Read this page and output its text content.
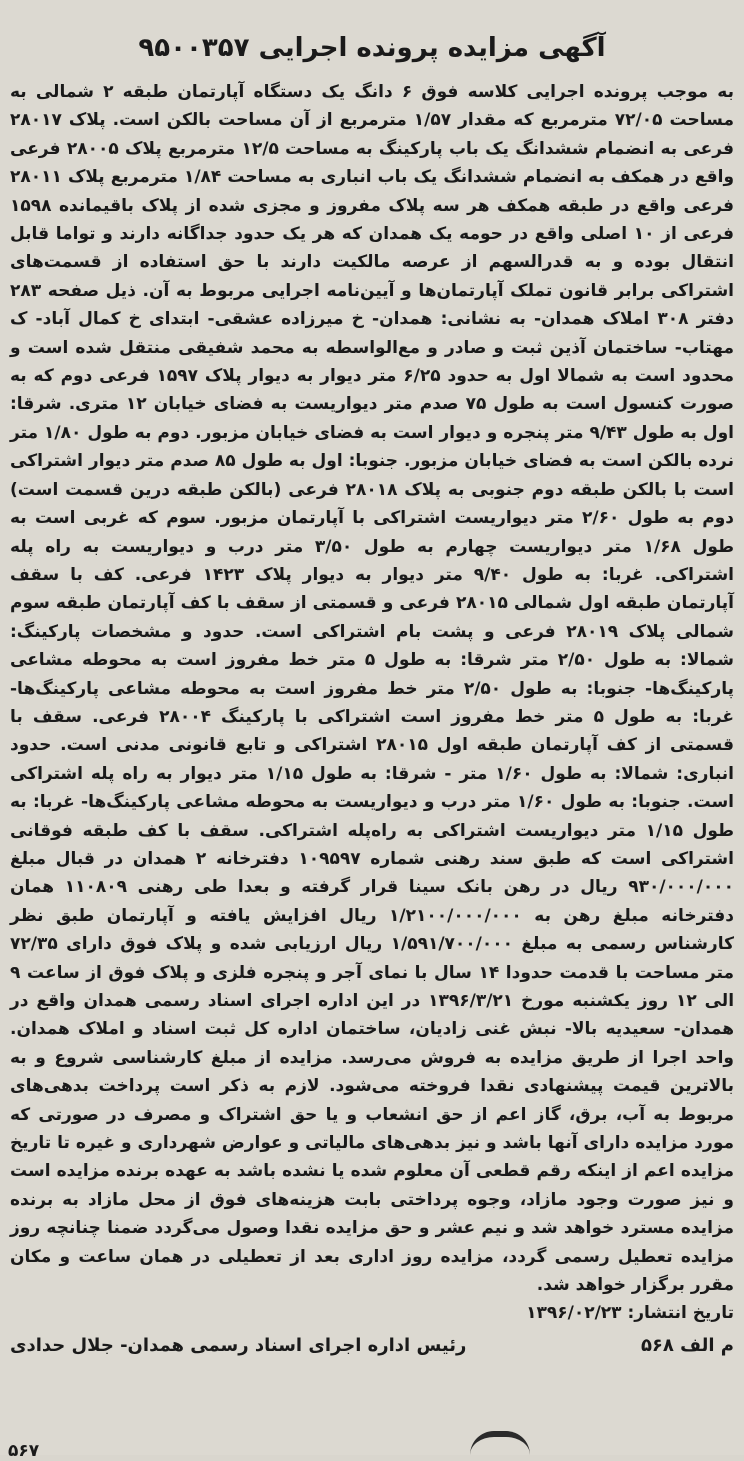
آگهی مزایده پرونده اجرایی ۹۵۰۰۳۵۷

به موجب پرونده اجرایی کلاسه فوق ۶ دانگ یک دستگاه آپارتمان طبقه ۲ شمالی به مساحت ۷۲/۰۵ مترمربع که مقدار ۱/۵۷ مترمربع از آن مساحت بالکن است. پلاک ۲۸۰۱۷ فرعی به انضمام ششدانگ یک باب پارکینگ به مساحت ۱۲/۵ مترمربع پلاک ۲۸۰۰۵ فرعی واقع در همکف به انضمام ششدانگ یک باب انباری به مساحت ۱/۸۴ مترمربع پلاک ۲۸۰۱۱ فرعی واقع در طبقه همکف هر سه پلاک مفروز و مجزی شده از پلاک باقیمانده ۱۵۹۸ فرعی از ۱۰ اصلی واقع در حومه یک همدان که هر یک حدود جداگانه دارند و تواما قابل انتقال بوده و به قدرالسهم از عرصه مالکیت دارند با حق استفاده از قسمت‌های اشتراکی برابر قانون تملک آپارتمان‌ها و آیین‌نامه اجرایی مربوط به آن. ذیل صفحه ۲۸۳ دفتر ۳۰۸ املاک همدان- به نشانی: همدان- خ میرزاده عشقی- ابتدای خ کمال آباد- ک مهتاب- ساختمان آذین ثبت و صادر و مع‌الواسطه به محمد شفیقی منتقل شده است و محدود است به شمالا اول به حدود ۶/۲۵ متر دیوار به دیوار پلاک ۱۵۹۷ فرعی دوم که به صورت کنسول است به طول ۷۵ صدم متر دیواریست به فضای خیابان ۱۲ متری. شرقا: اول به طول ۹/۴۳ متر پنجره و دیوار است به فضای خیابان مزبور. دوم به طول ۱/۸۰ متر نرده بالکن است به فضای خیابان مزبور. جنوبا: اول به طول ۸۵ صدم متر دیوار اشتراکی است با بالکن طبقه دوم جنوبی به پلاک ۲۸۰۱۸ فرعی (بالکن طبقه درین قسمت است) دوم به طول ۲/۶۰ متر دیواریست اشتراکی با آپارتمان مزبور. سوم که غربی است به طول ۱/۶۸ متر دیواریست چهارم به طول ۳/۵۰ متر درب و دیواریست به راه پله اشتراکی. غربا: به طول ۹/۴۰ متر دیوار به دیوار پلاک ۱۴۲۳ فرعی. کف با سقف آپارتمان طبقه اول شمالی ۲۸۰۱۵ فرعی و قسمتی از سقف با کف آپارتمان طبقه سوم شمالی پلاک ۲۸۰۱۹ فرعی و پشت بام اشتراکی است. حدود و مشخصات پارکینگ: شمالا: به طول ۲/۵۰ متر شرقا: به طول ۵ متر خط مفروز است به محوطه مشاعی پارکینگ‌ها- جنوبا: به طول ۲/۵۰ متر خط مفروز است به محوطه مشاعی پارکینگ‌ها- غربا: به طول ۵ متر خط مفروز است اشتراکی با پارکینگ ۲۸۰۰۴ فرعی. سقف با قسمتی از کف آپارتمان طبقه اول ۲۸۰۱۵ اشتراکی و تابع قانونی مدنی است. حدود انباری: شمالا: به طول ۱/۶۰ متر - شرقا: به طول ۱/۱۵ متر دیوار به راه پله اشتراکی است. جنوبا: به طول ۱/۶۰ متر درب و دیواریست به محوطه مشاعی پارکینگ‌ها- غربا: به طول ۱/۱۵ متر دیواریست اشتراکی به راه‌پله اشتراکی. سقف با کف طبقه فوقانی اشتراکی است که طبق سند رهنی شماره ۱۰۹۵۹۷ دفترخانه ۲ همدان در قبال مبلغ ۹۳۰/۰۰۰/۰۰۰ ریال در رهن بانک سینا قرار گرفته و بعدا طی رهنی ۱۱۰۸۰۹ همان دفترخانه مبلغ رهن به ۱/۲۱۰۰/۰۰۰/۰۰۰ ریال افزایش یافته و آپارتمان طبق نظر کارشناس رسمی به مبلغ ۱/۵۹۱/۷۰۰/۰۰۰ ریال ارزیابی شده و پلاک فوق دارای ۷۲/۳۵ متر مساحت با قدمت حدودا ۱۴ سال با نمای آجر و پنجره فلزی و پلاک فوق از ساعت ۹ الی ۱۲ روز یکشنبه مورخ ۱۳۹۶/۳/۲۱ در این اداره اجرای اسناد رسمی همدان واقع در همدان- سعیدیه بالا- نبش غنی زادیان، ساختمان اداره کل ثبت اسناد و املاک همدان. واحد اجرا از طریق مزایده به فروش می‌رسد. مزایده از مبلغ کارشناسی شروع و به بالاترین قیمت پیشنهادی نقدا فروخته می‌شود. لازم به ذکر است پرداخت بدهی‌های مربوط به آب، برق، گاز اعم از حق انشعاب و یا حق اشتراک و مصرف در صورتی که مورد مزایده دارای آنها باشد و نیز بدهی‌های مالیاتی و عوارض شهرداری و غیره تا تاریخ مزایده اعم از اینکه رقم قطعی آن معلوم شده یا نشده باشد به عهده برنده مزایده است و نیز صورت وجود مازاد، وجوه پرداختی بابت هزینه‌های فوق از محل مازاد به برنده مزایده مسترد خواهد شد و نیم عشر و حق مزایده نقدا وصول می‌گردد ضمنا چنانچه روز مزایده تعطیل رسمی گردد، مزایده روز اداری بعد از تعطیلی در همان ساعت و مکان مقرر برگزار خواهد شد.

تاریخ انتشار: ۱۳۹۶/۰۲/۲۳

م الف ۵۶۸
رئیس اداره اجرای اسناد رسمی همدان- جلال حدادی
۵۶۷
